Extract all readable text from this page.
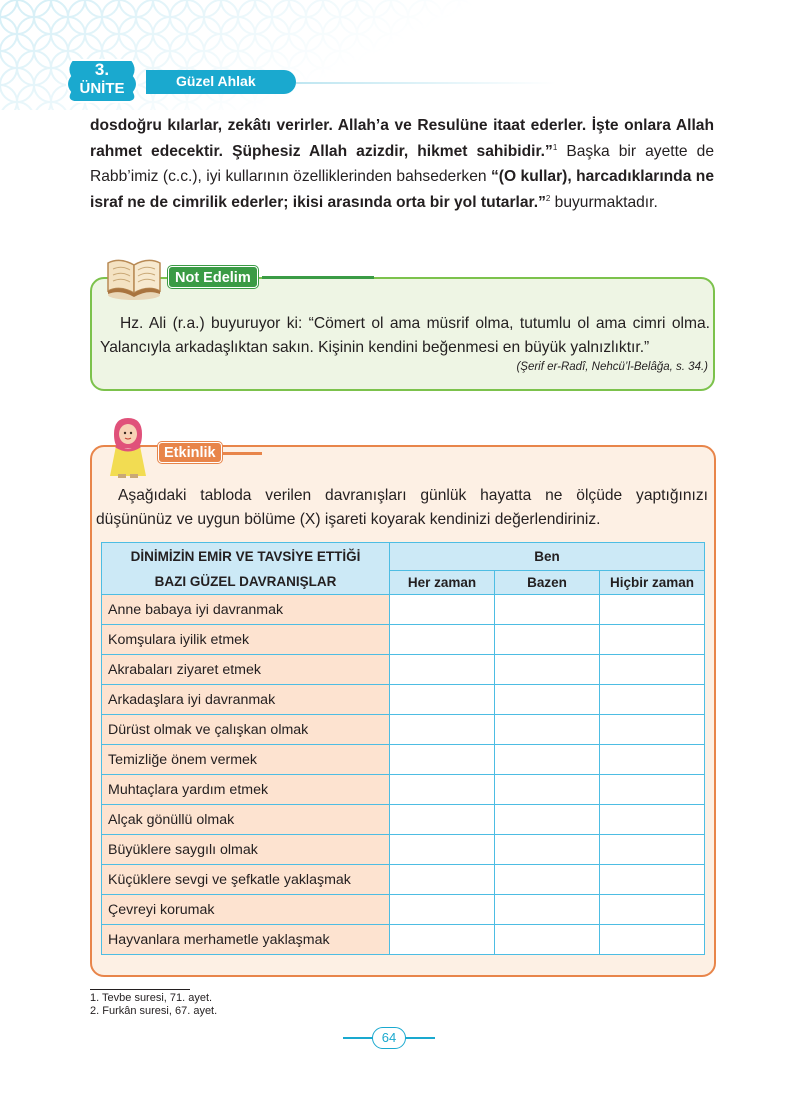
3.
ÜNİTE	Güzel Ahlak

dosdoğru kılarlar, zekâtı verirler. Allah’a ve Resulüne itaat ederler. İşte onlara Allah rahmet edecektir. Şüphesiz Allah azizdir, hikmet sahibidir.”$^1$ Başka bir ayette de Rabb’imiz (c.c.), iyi kullarının özelliklerinden bahsederken “(O kullar), harcadıklarında ne israf ne de cimrilik ederler; ikisi arasında orta bir yol tutarlar.”$^2$ buyurmaktadır.

Not Edelim

Hz. Ali (r.a.) buyuruyor ki: “Cömert ol ama müsrif olma, tutumlu ol ama cimri olma. Yalancıyla arkadaşlıktan sakın. Kişinin kendini beğenmesi en büyük yalnızlıktır.”

(Şerif er-Radî, Nehcü’l-Belâğa, s. 34.)

Etkinlik

Aşağıdaki tabloda verilen davranışları günlük hayatta ne ölçüde yaptığınızı düşününüz ve uygun bölüme (X) işareti koyarak kendinizi değerlendiriniz.

DİNİMİZİN EMİR VE TAVSİYE ETTİĞİ
BAZI GÜZEL DAVRANIŞLAR	Ben		
	Her zaman	Bazen	Hiçbir zaman
Anne babaya iyi davranmak			
Komşulara iyilik etmek			
Akrabaları ziyaret etmek			
Arkadaşlara iyi davranmak			
Dürüst olmak ve çalışkan olmak			
Temizliğe önem vermek			
Muhtaçlara yardım etmek			
Alçak gönüllü olmak			
Büyüklere saygılı olmak			
Küçüklere sevgi ve şefkatle yaklaşmak			
Çevreyi korumak			
Hayvanlara merhametle yaklaşmak			
1. Tevbe suresi, 71. ayet.
2. Furkân suresi, 67. ayet.
64
